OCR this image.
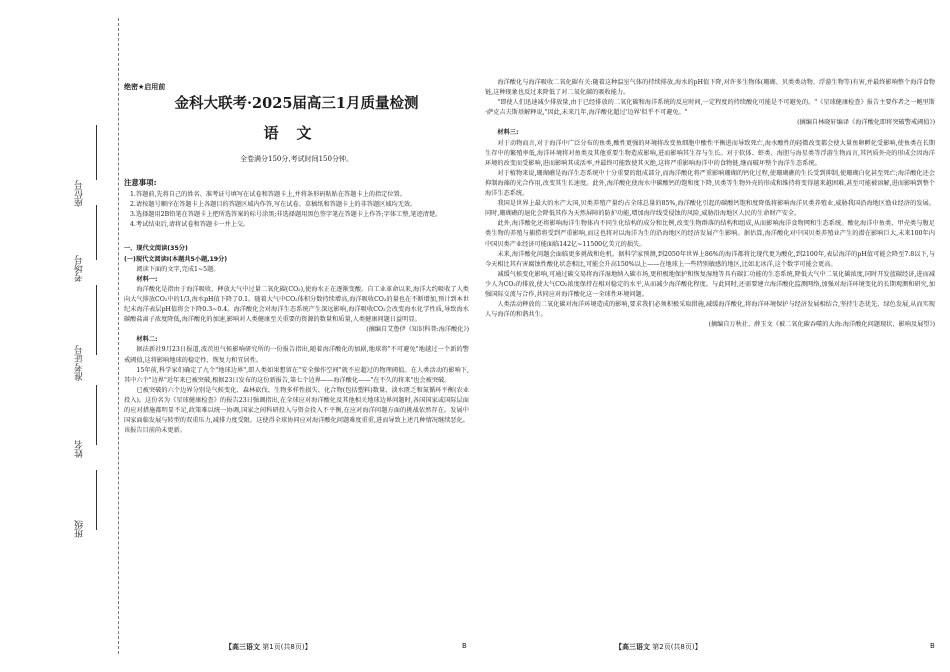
座位号
考场号
准考证号
姓名
班级
绝密★启用前
金科大联考·2025届高三1月质量检测
语文
全卷满分150分,考试时间150分钟。

注意事项:

1.答题前,先将自己的姓名、准考证号填写在试卷和答题卡上,并将条形码粘贴在答题卡上的指定位置。

2.请按题号顺序在答题卡上各题目的答题区域内作答,写在试卷、草稿纸和答题卡上的非答题区域均无效。

3.选择题用2B铅笔在答题卡上把所选答案的标号涂黑;非选择题用黑色签字笔在答题卡上作答;字体工整,笔迹清楚。

4.考试结束后,请将试卷和答题卡一并上交。

一、现代文阅读(35分)

(一)现代文阅读Ⅰ(本题共5小题,19分)

阅读下面的文字,完成1~5题。

材料一:

海洋酸化是指由于海洋吸收、释放大气中过量二氧化碳(CO₂),使海水正在逐渐变酸。自工业革命以来,海洋大约吸收了人类向大气排放CO₂中的1/3,海水pH值下降了0.1。随着大气中CO₂体积分数持续增高,海洋吸收CO₂的量也在不断增加,预计到本世纪末海洋表层pH值将会下降0.3~0.4。海洋酸化会对海洋生态系统产生深远影响,海洋吸收CO₂会改变海水化学性质,导致海水碳酸盐离子浓度降低,海洋酸化的加速,影响对人类健康至关重要的资源的数量和质量,人类健康问题日益明显。

(摘编自艾鲁伊《知识科普:海洋酸化》)

材料二:

据法新社9月23日报道,波茨坦气候影响研究所的一份报告指出,随着海洋酸化的加剧,地球将"不可避免"地越过一个新的警戒阈值,这将影响地球的稳定性、恢复力和宜居性。

15年前,科学家们确定了九个"地球边界",即人类如果想留在"安全操作空间"就不应超过的物理阈值。在人类活动的影响下,其中六个"边界"近年来已被突破,根据23日发布的这份新报告,第七个边界——海洋酸化——"在不久的将来"也会被突破。

已被突破的六个边界分别是气候变化、森林砍伐、生物多样性损失、化合物(包括塑料)数量、淡水匮乏和氮循环平衡(农业投入)。这份名为《星球健康检查》的报告23日强调指出,在全球应对海洋酸化及其他相关地球边界问题时,各国国家或国际层面的应对措施都明显不足,政策难以统一协调,国家之间科研投入与资金投入不平衡,在应对海洋问题方面的挑战依然存在。发展中国家面临发展与转型的双重压力,减排力度受限。这使得全球协同应对海洋酸化问题难度重重,进而导致上述几种情况继续恶化。该报告目前尚未更新。

【高三语文 第1页(共8页)】	B

海洋酸化与海洋吸收二氧化碳有关:随着这种温室气体的持续排放,海水的pH值下降,对许多生物体(珊瑚、贝类类动物、浮游生物等)有害,并最终影响整个海洋食物链,这种现象也反过来降低了对二氧化碳的吸收能力。

"即使人们迅速减少排放量,由于已经排放的二氧化碳和海洋系统的反应时间,一定程度的持续酸化可能是不可避免的。"《星球健康检查》报告主要作者之一鲍里斯·萨克吉夫斯基解释说,"因此,未来几年,海洋酸化超过'边界'似乎不可避免。"

(摘编自林晓轩编译《海洋酸化即将突破警戒阈值》)

材料三:

对于动物而言,对于海洋中广泛分布的鱼类,酸性更强的环境将改变鱼细胞中酸性平衡进而导致死亡,海水酸性的轻微改变都会使大量鱼卵孵化受影响,使鱼类在长期生存中的繁殖率低,海洋环境将对鱼类及其他重要生物造成影响,进而影响其生存与生长。对于软体、虾类、海胆与海星类等浮游生物而言,其钙质外壳的形成会因海洋环境的改变而受影响,进而影响其成活率,并最终可能致使其灭绝,这将严重影响海洋中的食物链,继而破坏整个海洋生态系统。

对于植物来说,珊瑚礁是海洋生态系统中十分重要的组成部分,而海洋酸化将严重影响珊瑚的钙化过程,使珊瑚礁的生长受到抑制,使珊瑚白化甚至死亡;海洋酸化还会抑制海藻的光合作用,改变其生长速度。此外,海洋酸化使海水中碳酸钙的饱和度下降,贝类等生物外壳的形成和维持将变得越来越困难,甚至可能被溶解,进而影响到整个海洋生态系统。

我国是世界上最大的水产大国,贝类养殖产量约占全球总量的85%,海洋酸化引起的碳酸钙饱和度降低将影响海洋贝类养殖业,威胁我国沿海地区渔业经济的发展。同时,珊瑚礁的退化会降低其作为天然屏障的防护功能,增加海岸线受侵蚀的风险,威胁沿海地区人民的生命财产安全。

此外,海洋酸化还将影响海洋生物体内不同生化结构的成分和比例,改变生物群落的结构和组成,从而影响海洋食物网和生态系统。酸化海洋中鱼类、甲壳类与腹足类生物的养殖与捕捞将受到严重影响,而这也将对以海洋为生的沿海地区的经济发展产生影响。据估算,海洋酸化对中国贝类养殖业产生的潜在影响巨大,未来100年内中国贝类产业经济可能面临142亿~11500亿美元的损失。

未来,海洋酸化问题会面临更多挑战和危机。据科学家预测,到2050年世界上86%的海洋都将比现代更为酸化,到2100年,表层海洋的pH值可能会降至7.8以下,与今天相比其有害腐蚀性酸化状态相比,可能会升高150%以上——在地球上一些特别敏感的地区,比如北冰洋,这个数字可能会更高。

减缓气候变化影响,可通过碳交易将海洋湿地纳入碳市场,更积极地保护和恢复湿地等具有碳汇功能的生态系统,降低大气中二氧化碳浓度,同时开发蓝碳经济,进而减少人为CO₂的排放,使大气CO₂浓度保持在相对稳定的水平,从而减少海洋酸化程度。与此同时,还需要建立海洋酸化监测网络,加强对海洋环境变化的长期观测和研究,加强国际交流与合作,共同应对海洋酸化这一全球性环境问题。

人类活动释放的二氧化碳对海洋环境造成的影响,要求我们必须积极采取措施,减缓海洋酸化,将海洋环境保护与经济发展相结合,坚持生态优先、绿色发展,从而实现人与海洋的和谐共生。

(摘编自万秋社、薛玉文《被二氧化碳吞噬的大海:海洋酸化问题现状、影响及展望》)

【高三语文 第2页(共8页)】	B
